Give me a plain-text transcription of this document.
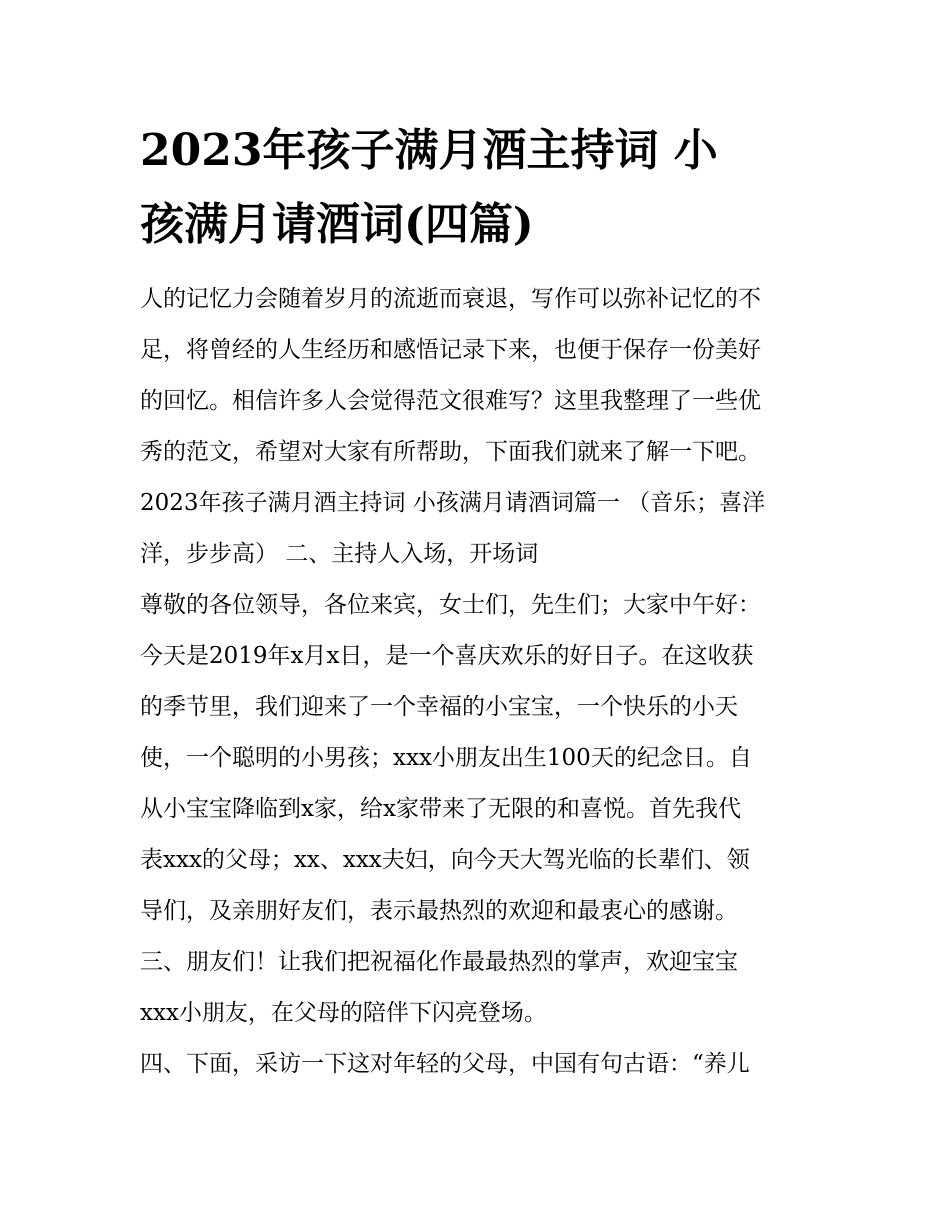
2023年孩子满月酒主持词 小
孩满月请酒词(四篇)
人的记忆力会随着岁月的流逝而衰退，写作可以弥补记忆的不
足，将曾经的人生经历和感悟记录下来，也便于保存一份美好
的回忆。相信许多人会觉得范文很难写？这里我整理了一些优
秀的范文，希望对大家有所帮助，下面我们就来了解一下吧。
2023年孩子满月酒主持词 小孩满月请酒词篇一 （音乐；喜洋
洋，步步高） 二、主持人入场，开场词
尊敬的各位领导，各位来宾，女士们，先生们；大家中午好：
今天是2019年x月x日，是一个喜庆欢乐的好日子。在这收获
的季节里，我们迎来了一个幸福的小宝宝，一个快乐的小天
使，一个聪明的小男孩；xxx小朋友出生100天的纪念日。自
从小宝宝降临到x家，给x家带来了无限的和喜悦。首先我代
表xxx的父母；xx、xxx夫妇，向今天大驾光临的长辈们、领
导们，及亲朋好友们，表示最热烈的欢迎和最衷心的感谢。
三、朋友们！让我们把祝福化作最最热烈的掌声，欢迎宝宝
xxx小朋友，在父母的陪伴下闪亮登场。
四、下面，采访一下这对年轻的父母，中国有句古语：“养儿
